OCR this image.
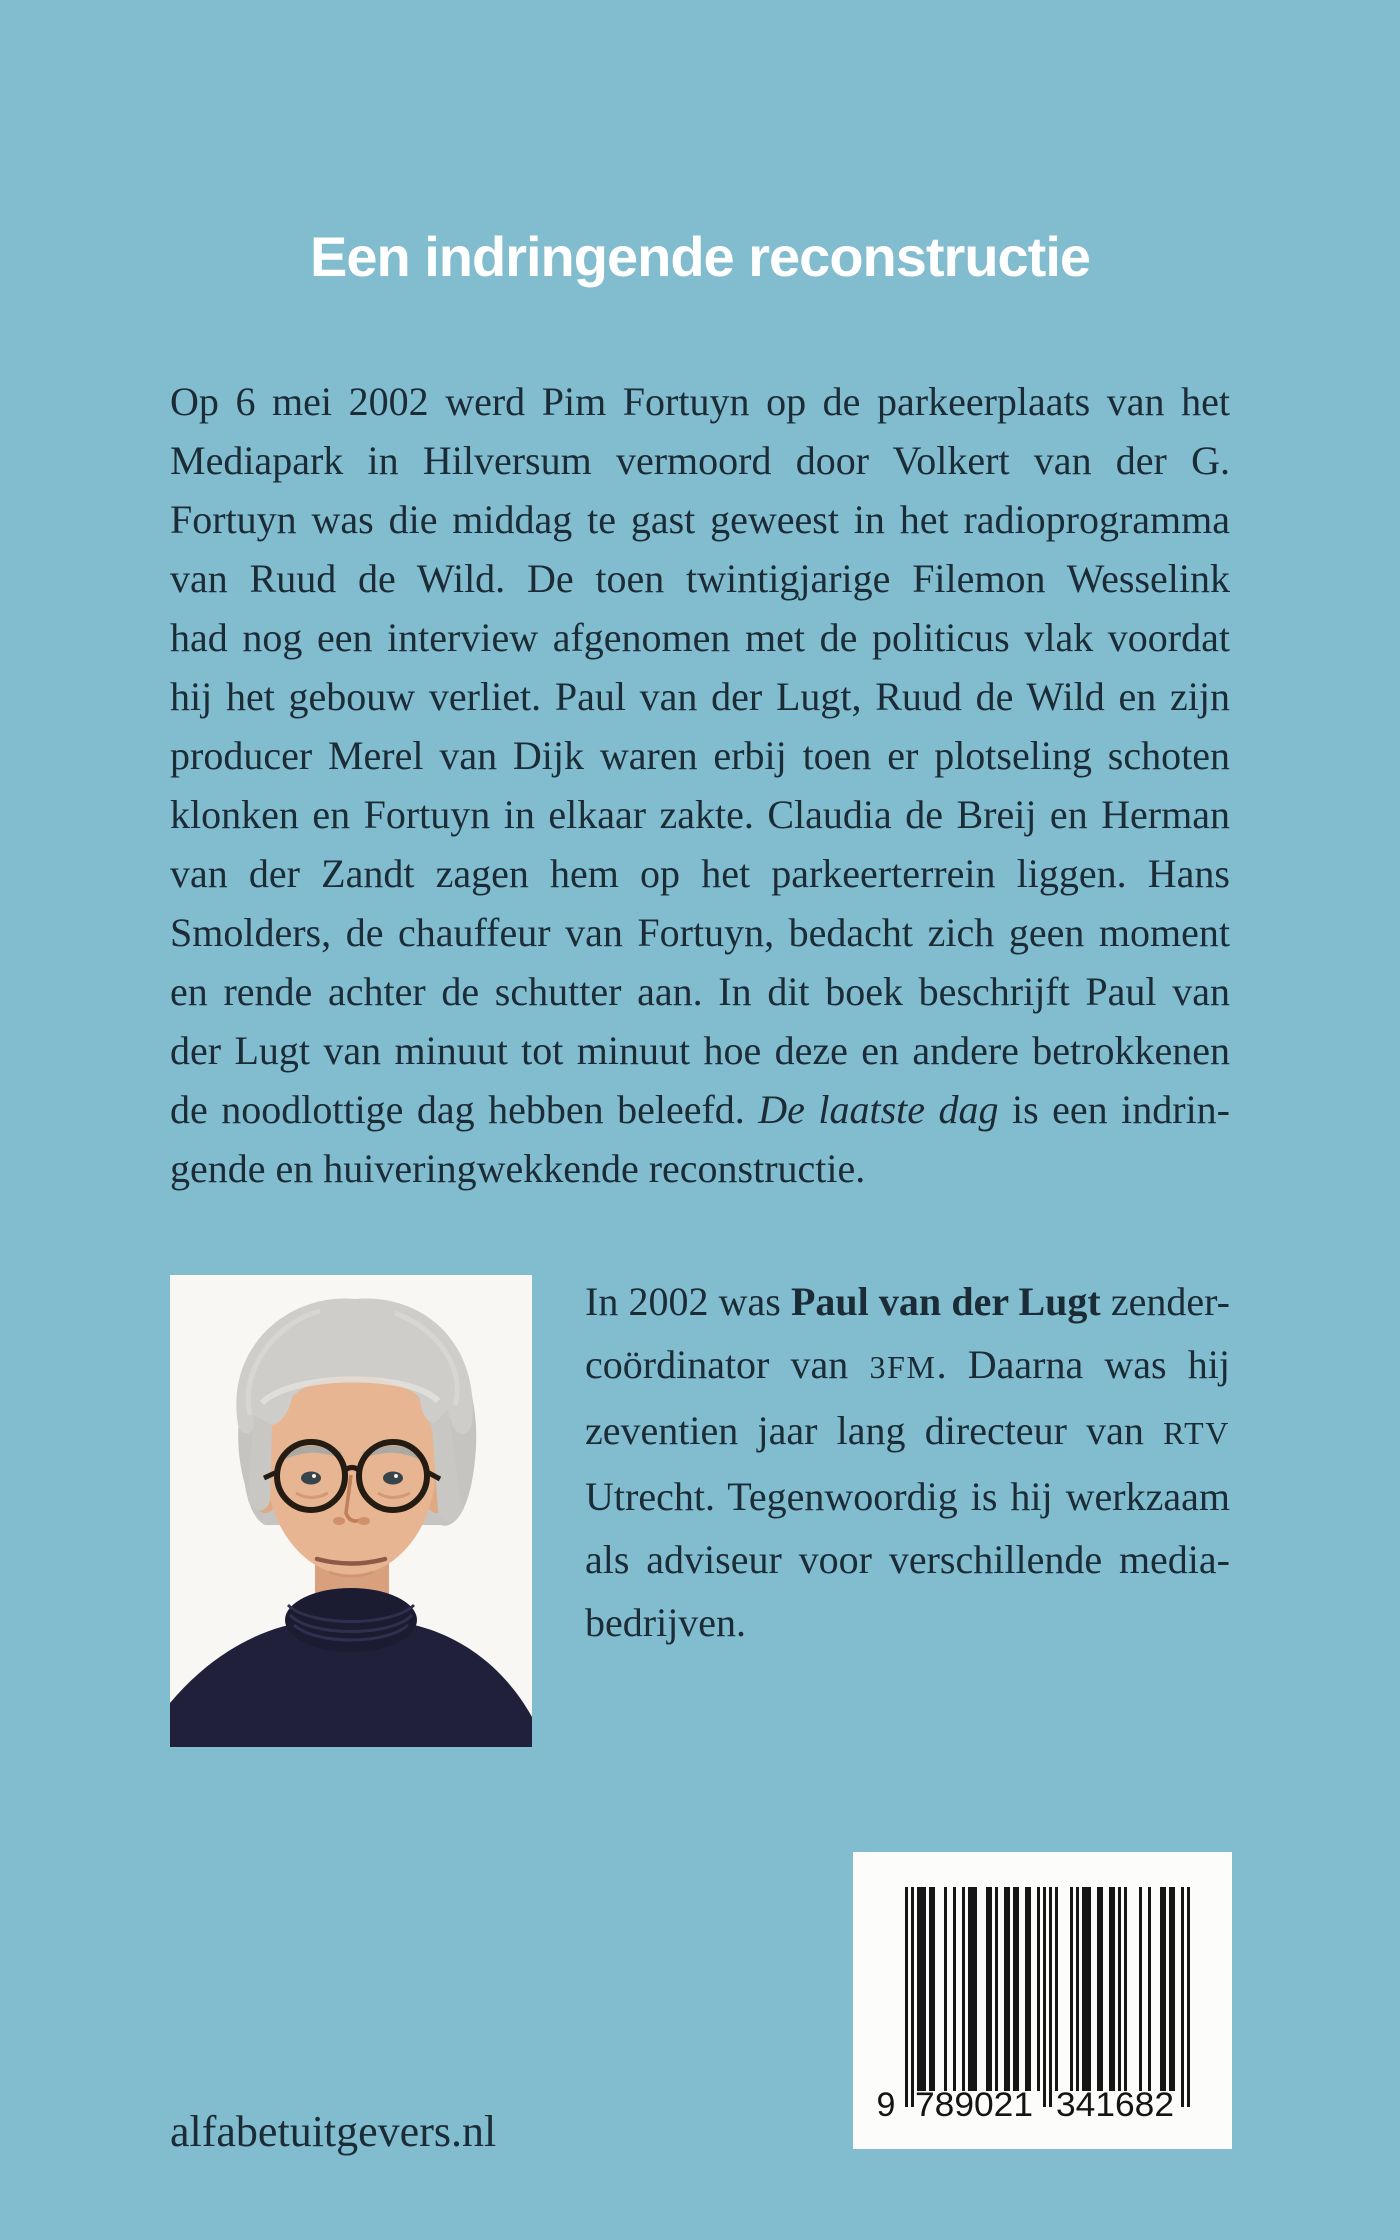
Een indringende reconstructie
Op 6 mei 2002 werd Pim Fortuyn op de parkeerplaats van het
Mediapark in Hilversum vermoord door Volkert van der G.
Fortuyn was die middag te gast geweest in het radioprogramma
van Ruud de Wild. De toen twintigjarige Filemon Wesselink
had nog een interview afgenomen met de politicus vlak voordat
hij het gebouw verliet. Paul van der Lugt, Ruud de Wild en zijn
producer Merel van Dijk waren erbij toen er plotseling schoten
klonken en Fortuyn in elkaar zakte. Claudia de Breij en Herman
van der Zandt zagen hem op het parkeerterrein liggen. Hans
Smolders, de chauffeur van Fortuyn, bedacht zich geen moment
en rende achter de schutter aan. In dit boek beschrijft Paul van
der Lugt van minuut tot minuut hoe deze en andere betrokkenen
de noodlottige dag hebben beleefd. De laatste dag is een indrin-
gende en huiveringwekkende reconstructie.
In 2002 was Paul van der Lugt zender-
coördinator van 3FM. Daarna was hij
zeventien jaar lang directeur van RTV
Utrecht. Tegenwoordig is hij werkzaam
als adviseur voor verschillende media-
bedrijven.
9 789021 341682

alfabetuitgevers.nl
